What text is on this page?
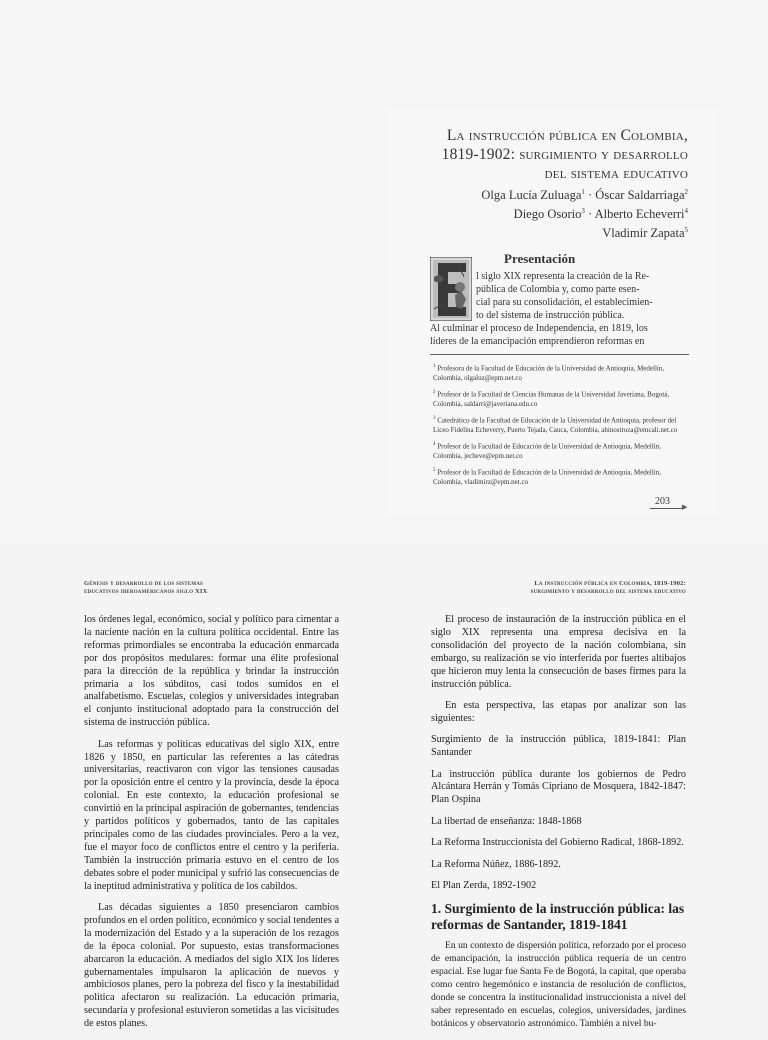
La instrucción pública en Colombia,
1819-1902: surgimiento y desarrollo
del sistema educativo
Olga Lucía Zuluaga$^1$ · Óscar Saldarriaga$^2$
Diego Osorio$^3$ · Alberto Echeverri$^4$
Vladimir Zapata$^5$
Presentación
l siglo XIX representa la creación de la Re-
pública de Colombia y, como parte esen-
cial para su consolidación, el establecimien-
to del sistema de instrucción pública.
Al culminar el proceso de Independencia, en 1819, los
líderes de la emancipación emprendieron reformas en
$^1$ Profesora de la Facultad de Educación de la Universidad de Antioquia, Medellín, Colombia, olgaluz@epm.net.co
$^2$ Profesor de la Facultad de Ciencias Humanas de la Universidad Javeriana, Bogotá, Colombia, saldarri@javeriana.edu.co
$^3$ Catedrático de la Facultad de Educación de la Universidad de Antioquia, profesor del Liceo Fidelina Echeverry, Puerto Tejada, Cauca, Colombia, ahinostroza@emcali.net.co
$^4$ Profesor de la Facultad de Educación de la Universidad de Antioquia, Medellín, Colombia, jecheve@epm.net.co
$^5$ Profesor de la Facultad de Educación de la Universidad de Antioquia, Medellín, Colombia, vladimirz@epm.net.co
203 ▶
Génesis y desarrollo de los sistemas
educativos iberoamericanos siglo XIX
La instrucción pública en Colombia, 1819-1902:
surgimiento y desarrollo del sistema educativo

los órdenes legal, económico, social y político para cimentar a la naciente nación en la cultura política occidental. Entre las reformas primordiales se encontraba la educación enmarcada por dos propósitos medulares: formar una élite profesional para la dirección de la república y brindar la instrucción primaria a los súbditos, casi todos sumidos en el analfabetismo. Escuelas, colegios y universidades integraban el conjunto institucional adoptado para la construcción del sistema de instrucción pública.

Las reformas y políticas educativas del siglo XIX, entre 1826 y 1850, en particular las referentes a las cátedras universitarias, reactivaron con vigor las tensiones causadas por la oposición entre el centro y la provincia, desde la época colonial. En este contexto, la educación profesional se convirtió en la principal aspiración de gobernantes, tendencias y partidos políticos y gobernados, tanto de las capitales principales como de las ciudades provinciales. Pero a la vez, fue el mayor foco de conflictos entre el centro y la periferia. También la instrucción primaria estuvo en el centro de los debates sobre el poder municipal y sufrió las consecuencias de la ineptitud administrativa y política de los cabildos.

Las décadas siguientes a 1850 presenciaron cambios profundos en el orden político, económico y social tendentes a la modernización del Estado y a la superación de los rezagos de la época colonial. Por supuesto, estas transformaciones abarcaron la educación. A mediados del siglo XIX los líderes gubernamentales impulsaron la aplicación de nuevos y ambiciosos planes, pero la pobreza del fisco y la inestabilidad política afectaron su realización. La educación primaria, secundaria y profesional estuvieron sometidas a las vicisitudes de estos planes.

El proceso de instauración de la instrucción pública en el siglo XIX representa una empresa decisiva en la consolidación del proyecto de la nación colombiana, sin embargo, su realización se vio interferida por fuertes altibajos que hicieron muy lenta la consecución de bases firmes para la instrucción pública.

En esta perspectiva, las etapas por analizar son las siguientes:

Surgimiento de la instrucción pública, 1819-1841: Plan Santander

La instrucción pública durante los gobiernos de Pedro Alcántara Herrán y Tomás Cipriano de Mosquera, 1842-1847: Plan Ospina

La libertad de enseñanza: 1848-1868

La Reforma Instruccionista del Gobierno Radical, 1868-1892.

La Reforma Núñez, 1886-1892.

El Plan Zerda, 1892-1902

1. Surgimiento de la instrucción pública: las reformas de Santander, 1819-1841

En un contexto de dispersión política, reforzado por el proceso de emancipación, la instrucción pública requería de un centro espacial. Ese lugar fue Santa Fe de Bogotá, la capital, que operaba como centro hegemónico e instancia de resolución de conflictos, donde se concentra la institucionalidad instruccionista a nivel del saber representado en escuelas, colegios, universidades, jardines botánicos y observatorio astronómico. También a nivel bu-
